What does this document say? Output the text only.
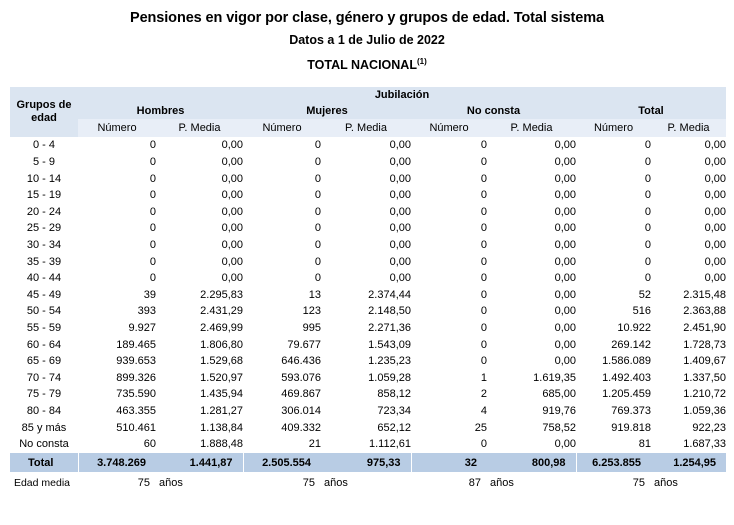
Pensiones en vigor por clase, género y grupos de edad. Total sistema
Datos a 1 de Julio de 2022
TOTAL NACIONAL$^{(1)}$
Grupos de edad	Jubilación							
	Hombres		Mujeres		No consta		Total	
	Número	P. Media	Número	P. Media	Número	P. Media	Número	P. Media
0 - 4	0	0,00	0	0,00	0	0,00	0	0,00
5 - 9	0	0,00	0	0,00	0	0,00	0	0,00
10 - 14	0	0,00	0	0,00	0	0,00	0	0,00
15 - 19	0	0,00	0	0,00	0	0,00	0	0,00
20 - 24	0	0,00	0	0,00	0	0,00	0	0,00
25 - 29	0	0,00	0	0,00	0	0,00	0	0,00
30 - 34	0	0,00	0	0,00	0	0,00	0	0,00
35 - 39	0	0,00	0	0,00	0	0,00	0	0,00
40 - 44	0	0,00	0	0,00	0	0,00	0	0,00
45 - 49	39	2.295,83	13	2.374,44	0	0,00	52	2.315,48
50 - 54	393	2.431,29	123	2.148,50	0	0,00	516	2.363,88
55 - 59	9.927	2.469,99	995	2.271,36	0	0,00	10.922	2.451,90
60 - 64	189.465	1.806,80	79.677	1.543,09	0	0,00	269.142	1.728,73
65 - 69	939.653	1.529,68	646.436	1.235,23	0	0,00	1.586.089	1.409,67
70 - 74	899.326	1.520,97	593.076	1.059,28	1	1.619,35	1.492.403	1.337,50
75 - 79	735.590	1.435,94	469.867	858,12	2	685,00	1.205.459	1.210,72
80 - 84	463.355	1.281,27	306.014	723,34	4	919,76	769.373	1.059,36
85 y más	510.461	1.138,84	409.332	652,12	25	758,52	919.818	922,23
No consta	60	1.888,48	21	1.112,61	0	0,00	81	1.687,33
Total	3.748.269	1.441,87	2.505.554	975,33	32	800,98	6.253.855	1.254,95
Edad media	75	años	75	años	87	años	75	años
